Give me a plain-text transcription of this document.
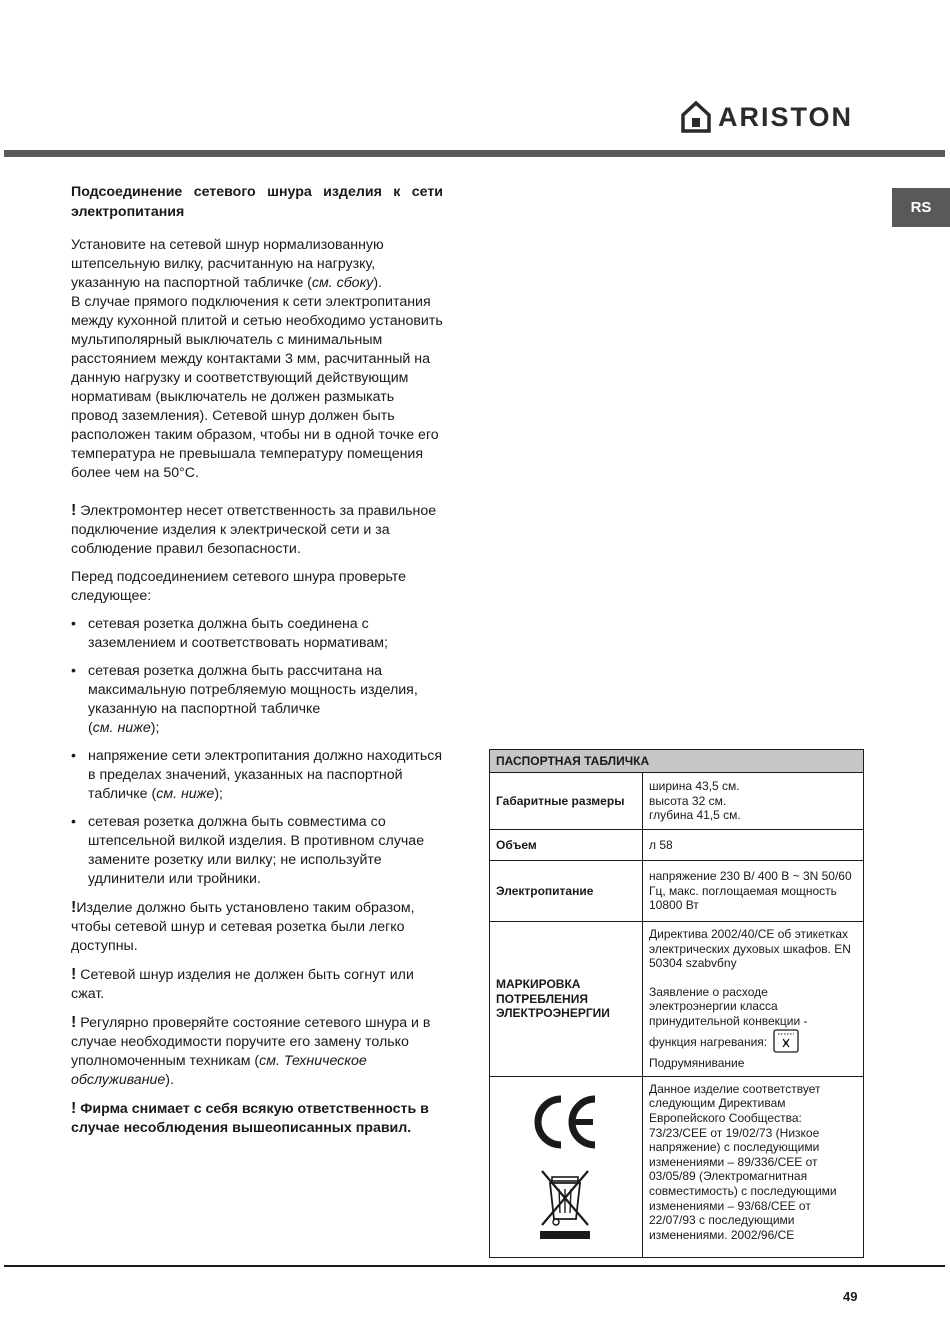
ARISTON
RS
Подсоединение сетевого шнура изделия к сети электропитания

Установите на сетевой шнур нормализованную штепсельную вилку, расчитанную на нагрузку, указанную на паспортной табличке (см. сбоку).
В случае прямого подключения к сети электропитания между кухонной плитой и сетью необходимо установить мультиполярный выключатель с минимальным расстоянием между контактами 3 мм, расчитанный на данную нагрузку и соответствующий действующим нормативам (выключатель не должен размыкать провод заземления). Сетевой шнур должен быть расположен таким образом, чтобы ни в одной точке его температура не превышала температуру помещения более чем на 50°C.

! Электромонтер несет ответственность за правильное подключение изделия к электрической сети и за соблюдение правил безопасности.

Перед подсоединением сетевого шнура проверьте следующее:

• сетевая розетка должна быть соединена с заземлением и соответствовать нормативам;
• сетевая розетка должна быть рассчитана на максимальную потребляемую мощность изделия, указанную на паспортной табличке
(см. ниже);
• напряжение сети электропитания должно находиться в пределах значений, указанных на паспортной табличке (см. ниже);
• сетевая розетка должна быть совместима со штепсельной вилкой изделия. В противном случае замените розетку или вилку; не используйте удлинители или тройники.

!Изделие должно быть установлено таким образом, чтобы сетевой шнур и сетевая розетка были легко доступны.

! Сетевой шнур изделия не должен быть согнут или сжат.

! Регулярно проверяйте состояние сетевого шнура и в случае необходимости поручите его замену только уполномоченным техникам (см. Техническое обслуживание).

! Фирма снимает с себя всякую ответственность в случае несоблюдения вышеописанных правил.

ПАСПОРТНАЯ ТАБЛИЧКА	
Габаритные размеры	ширина 43,5 см.
высота 32 см.
глубина 41,5 см.

Объем	л 58
Электропитание	напряжение 230 В/ 400 В ~ 3N 50/60 Гц, макс. поглощаемая мощность 10800 Вт
МАРКИРОВКА ПОТРЕБЛЕНИЯ ЭЛЕКТРОЭНЕРГИИ	Директива 2002/40/CE об этикетках электрических духовых шкафов. EN 50304 szabvбny
Заявление о расходе электроэнергии класса принудительной конвекции - функция нагревания:
Подрумянивание

	Данное изделие соответствует следующим Директивам Европейского Сообщества: 73/23/CEE от 19/02/73 (Низкое напряжение) с последующими изменениями – 89/336/CEE от 03/05/89 (Электромагнитная совместимость) с последующими изменениями – 93/68/CEE от 22/07/93 с последующими изменениями. 2002/96/CE
49
